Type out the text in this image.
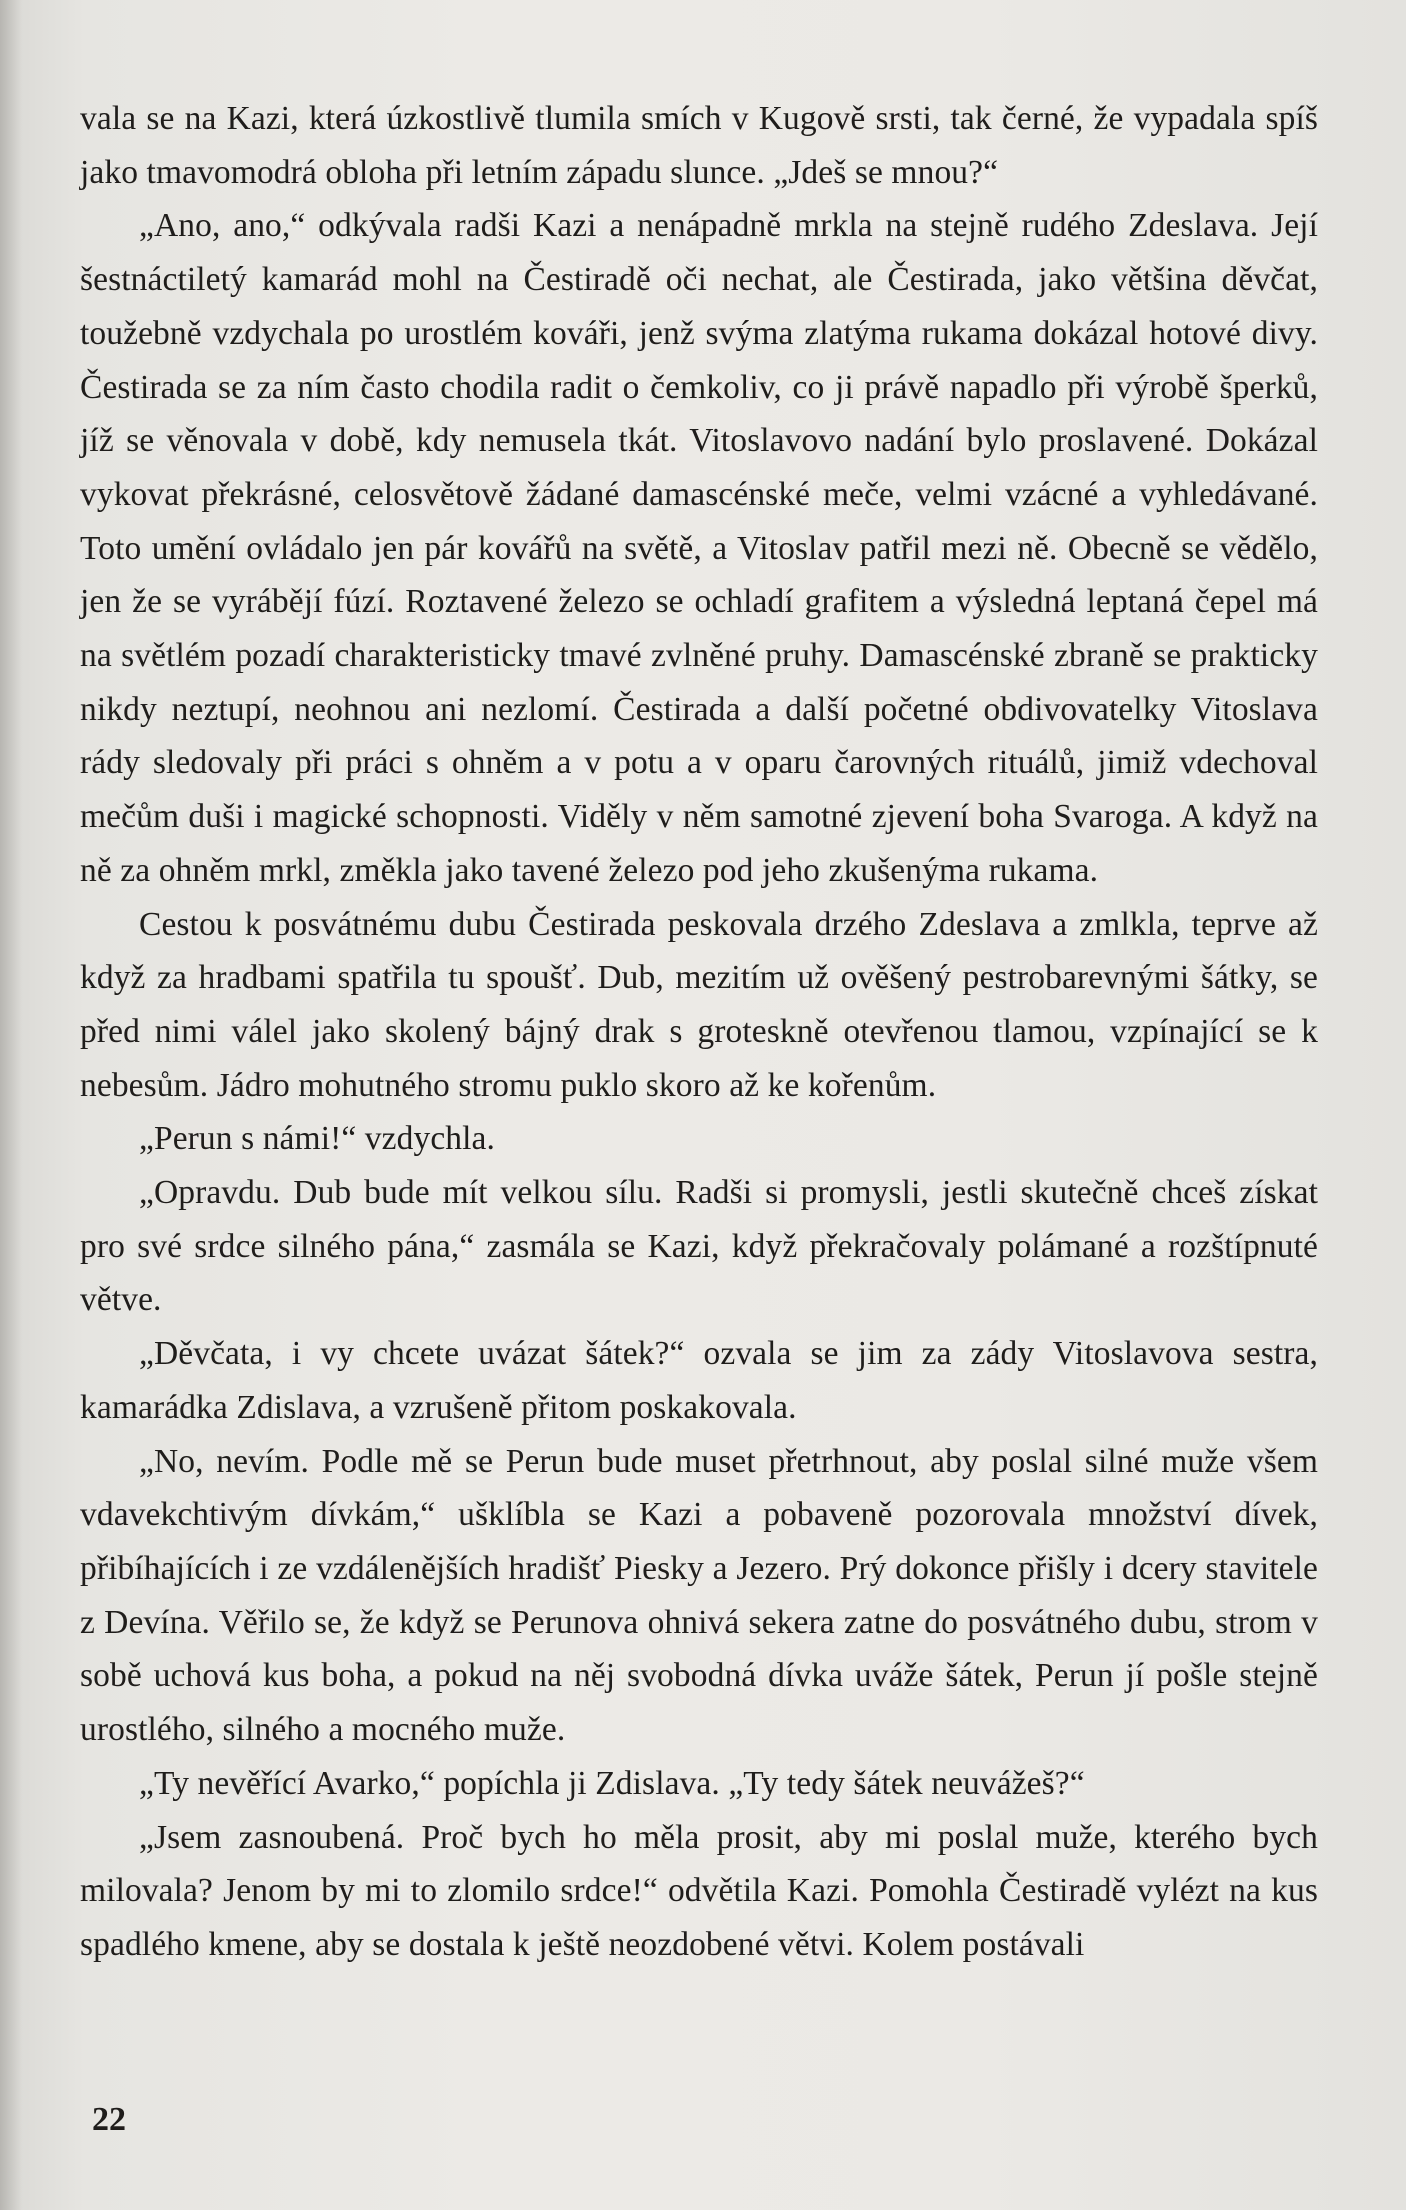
vala se na Kazi, která úzkostlivě tlumila smích v Kugově srsti, tak černé, že vypadala spíš jako tmavomodrá obloha při letním západu slunce. „Jdeš se mnou?“

„Ano, ano,“ odkývala radši Kazi a nenápadně mrkla na stejně rudého Zdeslava. Její šestnáctiletý kamarád mohl na Čestiradě oči nechat, ale Čestirada, jako většina děvčat, toužebně vzdychala po urostlém kováři, jenž svýma zlatýma rukama dokázal hotové divy. Čestirada se za ním často chodila radit o čemkoliv, co ji právě napadlo při výrobě šperků, jíž se věnovala v době, kdy nemusela tkát. Vitoslavovo nadání bylo proslavené. Dokázal vykovat překrásné, celosvětově žádané damascénské meče, velmi vzácné a vyhledávané. Toto umění ovládalo jen pár kovářů na světě, a Vitoslav patřil mezi ně. Obecně se vědělo, jen že se vyrábějí fúzí. Roztavené železo se ochladí grafitem a výsledná leptaná čepel má na světlém pozadí charakteristicky tmavé zvlněné pruhy. Damascénské zbraně se prakticky nikdy neztupí, neohnou ani nezlomí. Čestirada a další početné obdivovatelky Vitoslava rády sledovaly při práci s ohněm a v potu a v oparu čarovných rituálů, jimiž vdechoval mečům duši i magické schopnosti. Viděly v něm samotné zjevení boha Svaroga. A když na ně za ohněm mrkl, změkla jako tavené železo pod jeho zkušenýma rukama.

Cestou k posvátnému dubu Čestirada peskovala drzého Zdeslava a zmlkla, teprve až když za hradbami spatřila tu spoušť. Dub, mezitím už ověšený pestrobarevnými šátky, se před nimi válel jako skolený bájný drak s groteskně otevřenou tlamou, vzpínající se k nebesům. Jádro mohutného stromu puklo skoro až ke kořenům.

„Perun s námi!“ vzdychla.

„Opravdu. Dub bude mít velkou sílu. Radši si promysli, jestli skutečně chceš získat pro své srdce silného pána,“ zasmála se Kazi, když překračovaly polámané a rozštípnuté větve.

„Děvčata, i vy chcete uvázat šátek?“ ozvala se jim za zády Vitoslavova sestra, kamarádka Zdislava, a vzrušeně přitom poskakovala.

„No, nevím. Podle mě se Perun bude muset přetrhnout, aby poslal silné muže všem vdavekchtivým dívkám,“ ušklíbla se Kazi a pobaveně pozorovala množství dívek, přibíhajících i ze vzdálenějších hradišť Piesky a Jezero. Prý dokonce přišly i dcery stavitele z Devína. Věřilo se, že když se Perunova ohnivá sekera zatne do posvátného dubu, strom v sobě uchová kus boha, a pokud na něj svobodná dívka uváže šátek, Perun jí pošle stejně urostlého, silného a mocného muže.

„Ty nevěřící Avarko,“ popíchla ji Zdislava. „Ty tedy šátek neuvážeš?“

„Jsem zasnoubená. Proč bych ho měla prosit, aby mi poslal muže, kterého bych milovala? Jenom by mi to zlomilo srdce!“ odvětila Kazi. Pomohla Čestiradě vylézt na kus spadlého kmene, aby se dostala k ještě neozdobené větvi. Kolem postávali

22
